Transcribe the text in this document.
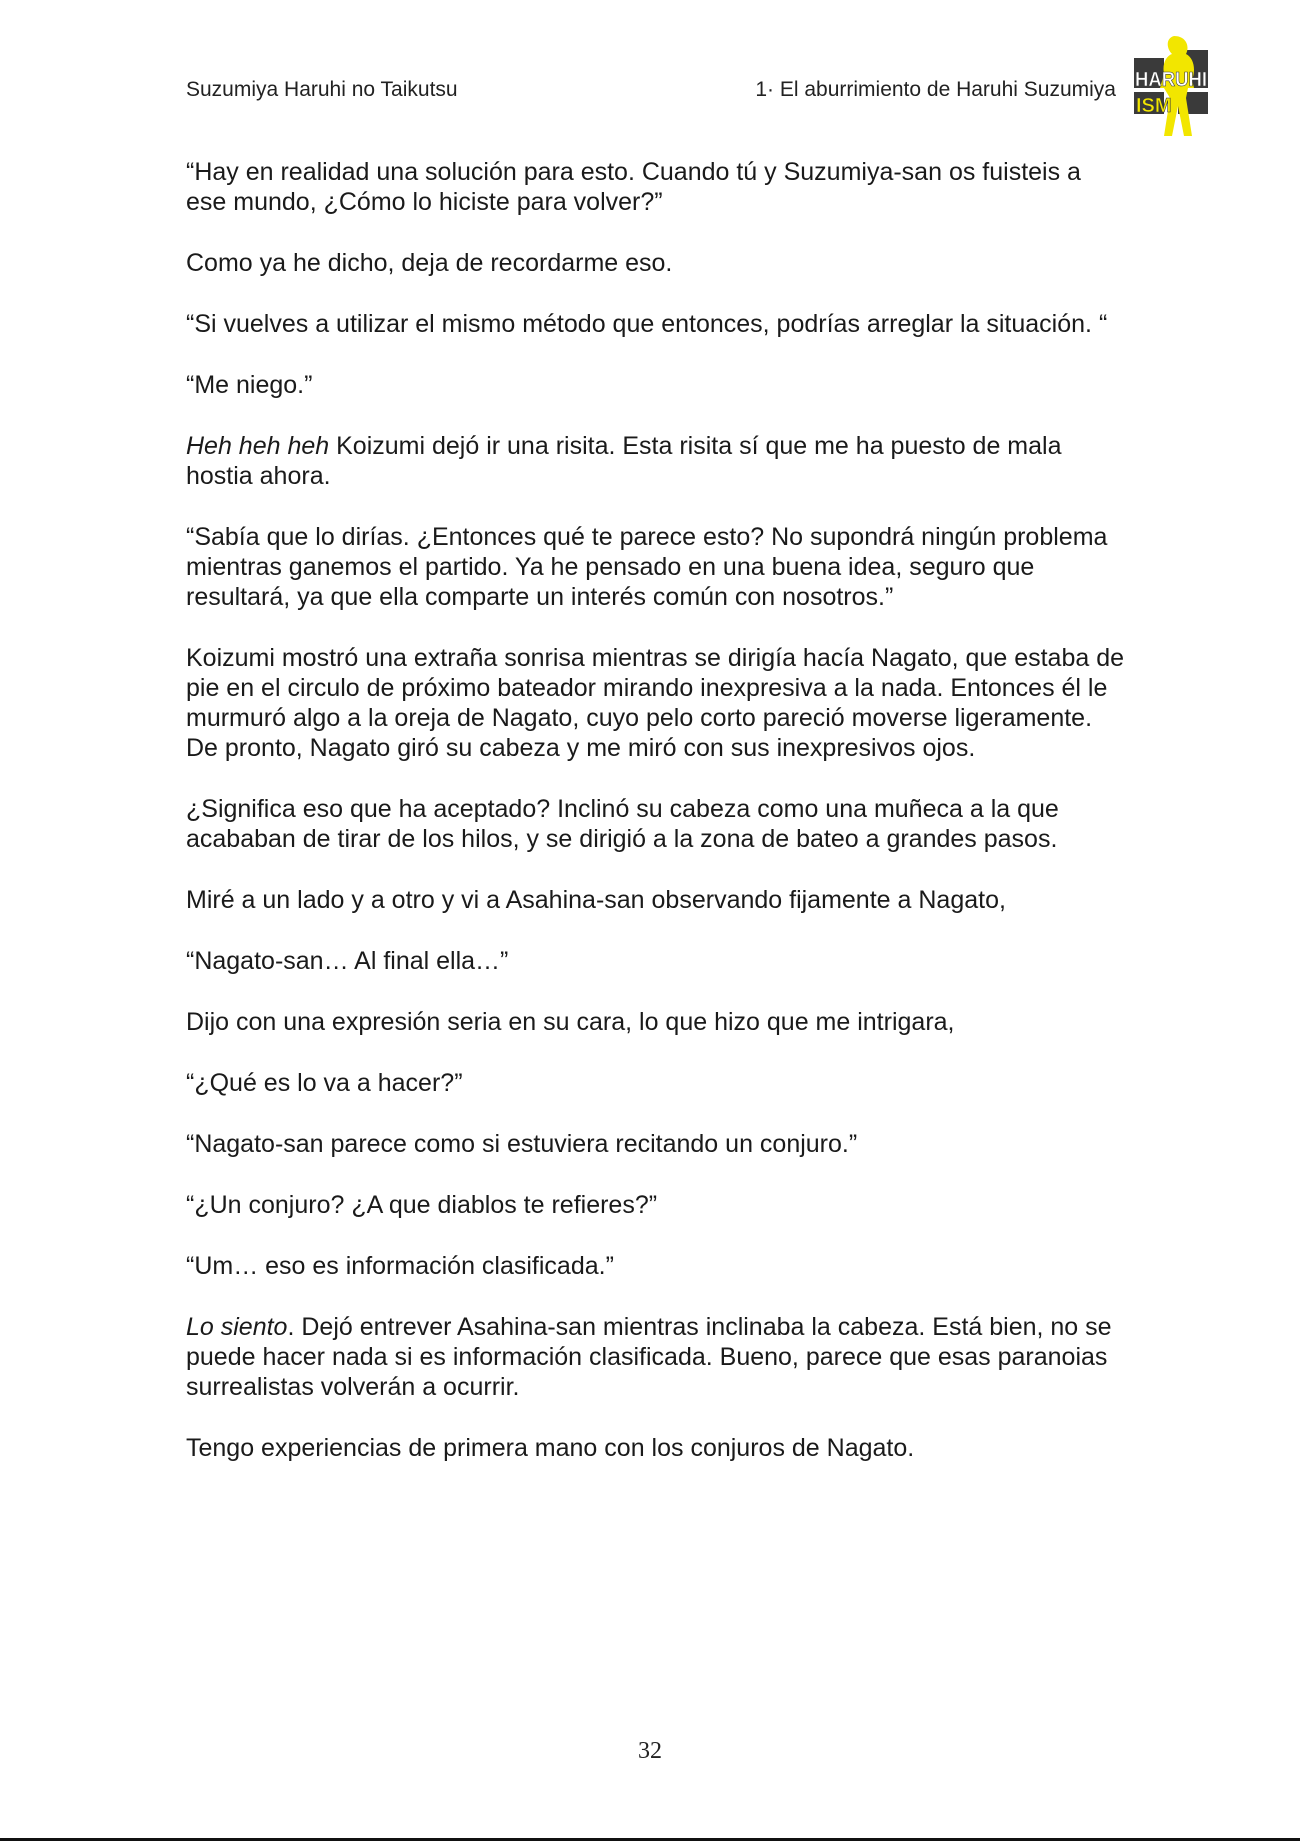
Suzumiya Haruhi no Taikutsu	1· El aburrimiento de Haruhi Suzumiya HARUHI
ISM

“Hay en realidad una solución para esto. Cuando tú y Suzumiya-san os fuisteis a ese mundo, ¿Cómo lo hiciste para volver?”

Como ya he dicho, deja de recordarme eso.

“Si vuelves a utilizar el mismo método que entonces, podrías arreglar la situación. “

“Me niego.”

Heh heh heh Koizumi dejó ir una risita. Esta risita sí que me ha puesto de mala hostia ahora.

“Sabía que lo dirías. ¿Entonces qué te parece esto? No supondrá ningún problema mientras ganemos el partido. Ya he pensado en una buena idea, seguro que resultará, ya que ella comparte un interés común con nosotros.”

Koizumi mostró una extraña sonrisa mientras se dirigía hacía Nagato, que estaba de pie en el circulo de próximo bateador mirando inexpresiva a la nada. Entonces él le murmuró algo a la oreja de Nagato, cuyo pelo corto pareció moverse ligeramente. De pronto, Nagato giró su cabeza y me miró con sus inexpresivos ojos.

¿Significa eso que ha aceptado? Inclinó su cabeza como una muñeca a la que acababan de tirar de los hilos, y se dirigió a la zona de bateo a grandes pasos.

Miré a un lado y a otro y vi a Asahina-san observando fijamente a Nagato,

“Nagato-san… Al final ella…”

Dijo con una expresión seria en su cara, lo que hizo que me intrigara,

“¿Qué es lo va a hacer?”

“Nagato-san parece como si estuviera recitando un conjuro.”

“¿Un conjuro? ¿A que diablos te refieres?”

“Um… eso es información clasificada.”

Lo siento. Dejó entrever Asahina-san mientras inclinaba la cabeza. Está bien, no se puede hacer nada si es información clasificada. Bueno, parece que esas paranoias surrealistas volverán a ocurrir.

Tengo experiencias de primera mano con los conjuros de Nagato.

32
